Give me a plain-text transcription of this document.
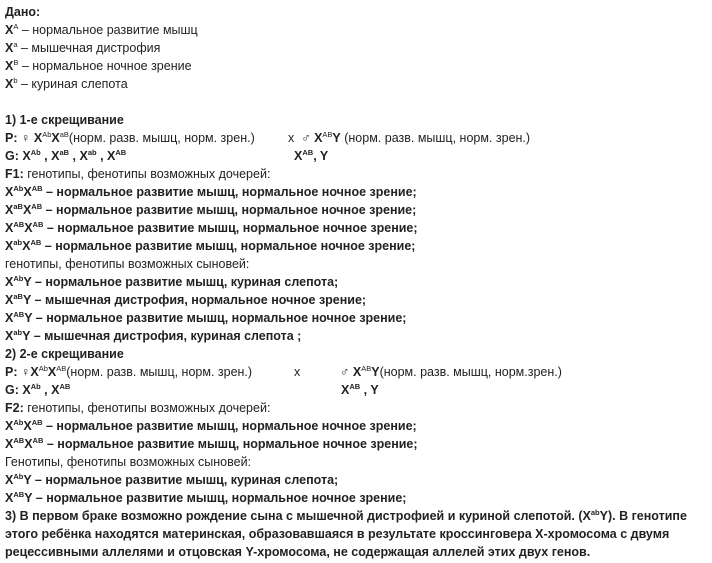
Дано:
$X^A$ – нормальное развитие мышц
$X^a$ – мышечная дистрофия
$X^B$ – нормальное ночное зрение
$X^b$ – куриная слепота
1) 1-е скрещивание
P: ♀ $X^{Ab}X^{aB}(норм$. разв. мышц, норм. зрен.)	х ♂ $X^{AB}Y$ (норм. разв. мышц, норм. зрен.)
G: $X^{Ab}$ , $X^{aB}$ , $X^{ab}$ , $X^{AB}$	$X^{AB}$, Y
F1: генотипы, фенотипы возможных дочерей:
$X^{Ab}X^{AB}$ – нормальное развитие мышц, нормальное ночное зрение;
$X^{aB}X^{AB}$ – нормальное развитие мышц, нормальное ночное зрение;
$X^{AB}X^{AB}$ – нормальное развитие мышц, нормальное ночное зрение;
$X^{ab}X^{AB}$ – нормальное развитие мышц, нормальное ночное зрение;
генотипы, фенотипы возможных сыновей:
$X^{Ab}Y$ – нормальное развитие мышц, куриная слепота;
$X^{aB}Y$ – мышечная дистрофия, нормальное ночное зрение;
$X^{AB}Y$ – нормальное развитие мышц, нормальное ночное зрение;
$X^{ab}Y$ – мышечная дистрофия, куриная слепота ;
2) 2-е скрещивание
P: $♀X^{Ab}X^{AB}(норм$. разв. мышц, норм. зрен.)	х	♂ $X^{AB}Y(норм$. разв. мышц, норм.зрен.)
G: $X^{Ab}$ , $X^{AB}$	$X^{AB}$ , Y
F2: генотипы, фенотипы возможных дочерей:
$X^{Ab}X^{AB}$ – нормальное развитие мышц, нормальное ночное зрение;
$X^{AB}X^{AB}$ – нормальное развитие мышц, нормальное ночное зрение;
Генотипы, фенотипы возможных сыновей:
$X^{Ab}Y$ – нормальное развитие мышц, куриная слепота;
$X^{AB}Y$ – нормальное развитие мышц, нормальное ночное зрение;
3) В первом браке возможно рождение сына с мышечной дистрофией и куриной слепотой. $(X^{ab}Y)$. В генотипе этого ребёнка находятся материнская, образовавшаяся в результате кроссинговера Х-хромосома с двумя рецессивными аллелями и отцовская Y-хромосома, не содержащая аллелей этих двух генов.
